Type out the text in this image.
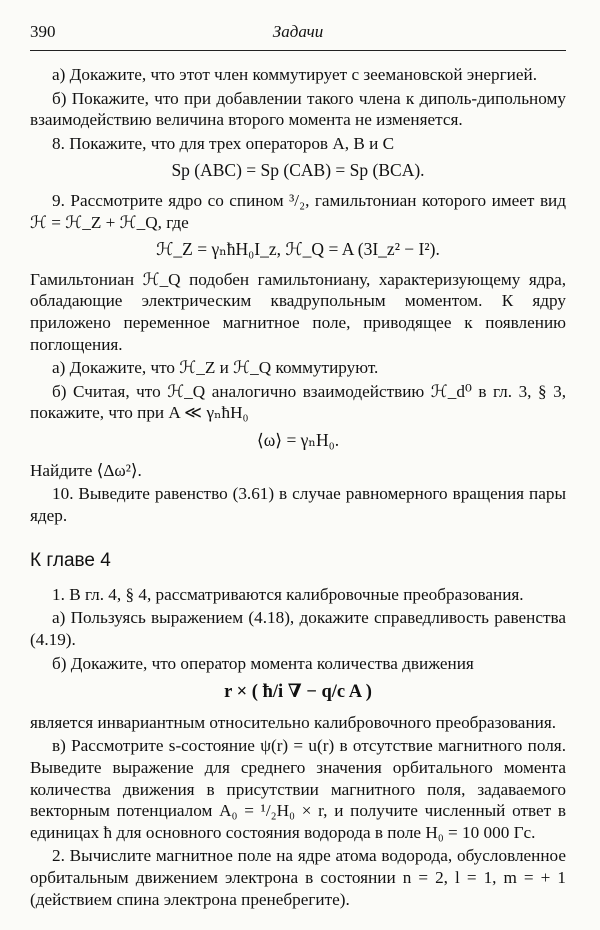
390	Задачи

а) Докажите, что этот член коммутирует с зеемановской энергией.

б) Покажите, что при добавлении такого члена к диполь-дипольному взаимодействию величина второго момента не изменяется.

8. Покажите, что для трех операторов A, B и C

Sp (ABC) = Sp (CAB) = Sp (BCA).

9. Рассмотрите ядро со спином ³/₂, гамильтониан которого имеет вид ℋ = ℋ_Z + ℋ_Q, где

ℋ_Z = γₙħH₀I_z, ℋ_Q = A (3I_z² − I²).

Гамильтониан ℋ_Q подобен гамильтониану, характеризующему ядра, обладающие электрическим квадрупольным моментом. К ядру приложено переменное магнитное поле, приводящее к появлению поглощения.

а) Докажите, что ℋ_Z и ℋ_Q коммутируют.

б) Считая, что ℋ_Q аналогично взаимодействию ℋ_d⁰ в гл. 3, § 3, покажите, что при A ≪ γₙħH₀

⟨ω⟩ = γₙH₀.

Найдите ⟨Δω²⟩.

10. Выведите равенство (3.61) в случае равномерного вращения пары ядер.

К главе 4

1. В гл. 4, § 4, рассматриваются калибровочные преобразования.

а) Пользуясь выражением (4.18), докажите справедливость равенства (4.19).

б) Докажите, что оператор момента количества движения

r × ( ħ/i ∇ − q/c A )

является инвариантным относительно калибровочного преобразования.

в) Рассмотрите s-состояние ψ(r) = u(r) в отсутствие магнитного поля. Выведите выражение для среднего значения орбитального момента количества движения в присутствии магнитного поля, задаваемого векторным потенциалом A₀ = ¹/₂H₀ × r, и получите численный ответ в единицах ħ для основного состояния водорода в поле H₀ = 10 000 Гс.

2. Вычислите магнитное поле на ядре атома водорода, обусловленное орбитальным движением электрона в состоянии n = 2, l = 1, m = + 1 (действием спина электрона пренебрегите).
